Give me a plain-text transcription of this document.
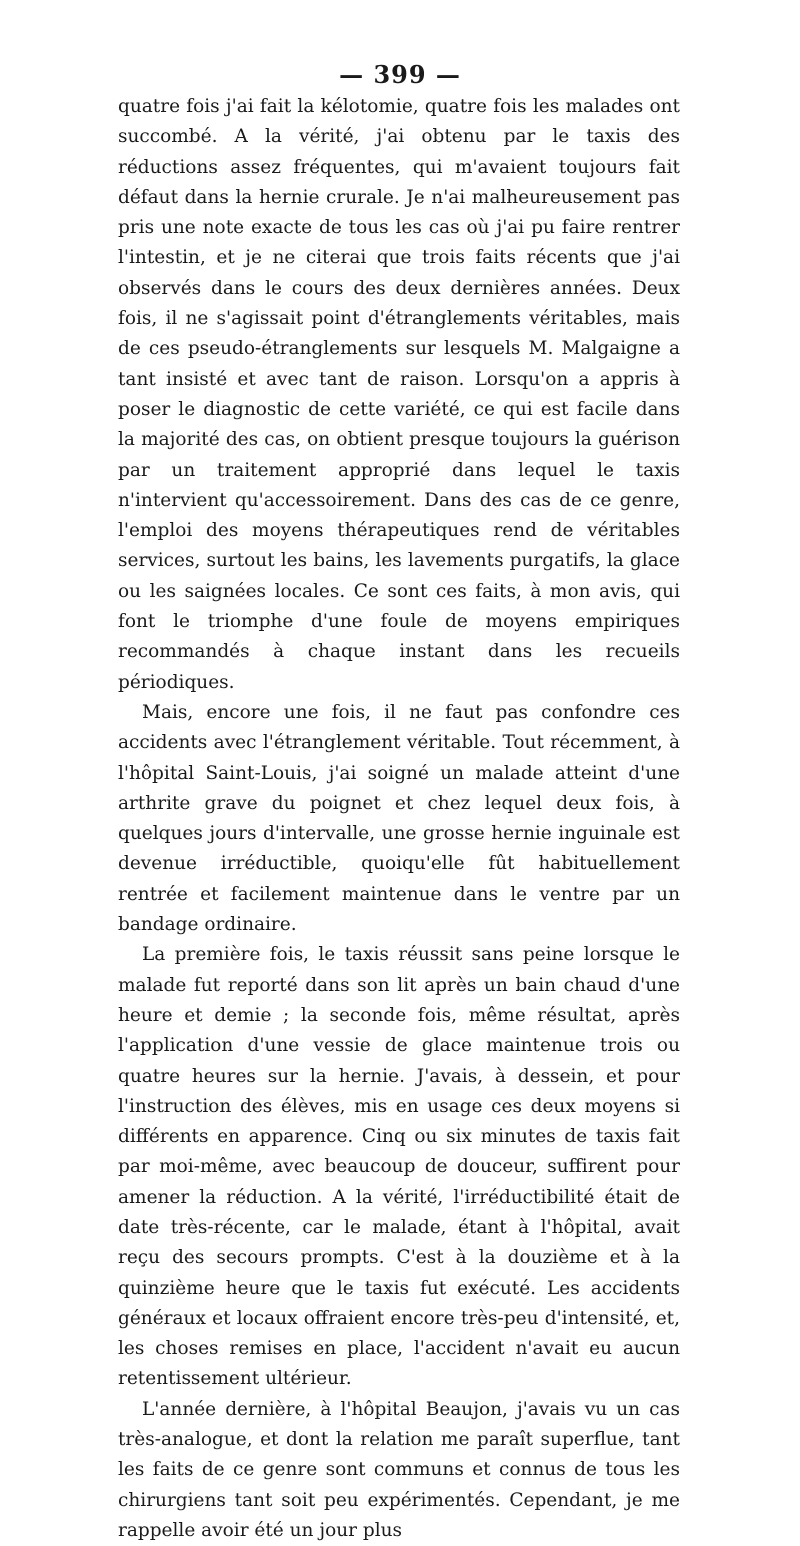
— 399 —

quatre fois j'ai fait la kélotomie, quatre fois les malades ont succombé. A la vérité, j'ai obtenu par le taxis des réductions assez fréquentes, qui m'avaient toujours fait défaut dans la hernie crurale. Je n'ai malheureusement pas pris une note exacte de tous les cas où j'ai pu faire rentrer l'intestin, et je ne citerai que trois faits récents que j'ai observés dans le cours des deux dernières années. Deux fois, il ne s'agissait point d'étranglements véritables, mais de ces pseudo-étranglements sur lesquels M. Malgaigne a tant insisté et avec tant de raison. Lorsqu'on a appris à poser le diagnostic de cette variété, ce qui est facile dans la majorité des cas, on obtient presque toujours la guérison par un traitement approprié dans lequel le taxis n'intervient qu'accessoirement. Dans des cas de ce genre, l'emploi des moyens thérapeutiques rend de véritables services, surtout les bains, les lavements purgatifs, la glace ou les saignées locales. Ce sont ces faits, à mon avis, qui font le triomphe d'une foule de moyens empiriques recommandés à chaque instant dans les recueils périodiques.

Mais, encore une fois, il ne faut pas confondre ces accidents avec l'étranglement véritable. Tout récemment, à l'hôpital Saint-Louis, j'ai soigné un malade atteint d'une arthrite grave du poignet et chez lequel deux fois, à quelques jours d'intervalle, une grosse hernie inguinale est devenue irréductible, quoiqu'elle fût habituellement rentrée et facilement maintenue dans le ventre par un bandage ordinaire.

La première fois, le taxis réussit sans peine lorsque le malade fut reporté dans son lit après un bain chaud d'une heure et demie ; la seconde fois, même résultat, après l'application d'une vessie de glace maintenue trois ou quatre heures sur la hernie. J'avais, à dessein, et pour l'instruction des élèves, mis en usage ces deux moyens si différents en apparence. Cinq ou six minutes de taxis fait par moi-même, avec beaucoup de douceur, suffirent pour amener la réduction. A la vérité, l'irréductibilité était de date très-récente, car le malade, étant à l'hôpital, avait reçu des secours prompts. C'est à la douzième et à la quinzième heure que le taxis fut exécuté. Les accidents généraux et locaux offraient encore très-peu d'intensité, et, les choses remises en place, l'accident n'avait eu aucun retentissement ultérieur.

L'année dernière, à l'hôpital Beaujon, j'avais vu un cas très-analogue, et dont la relation me paraît superflue, tant les faits de ce genre sont communs et connus de tous les chirurgiens tant soit peu expérimentés. Cependant, je me rappelle avoir été un jour plus
